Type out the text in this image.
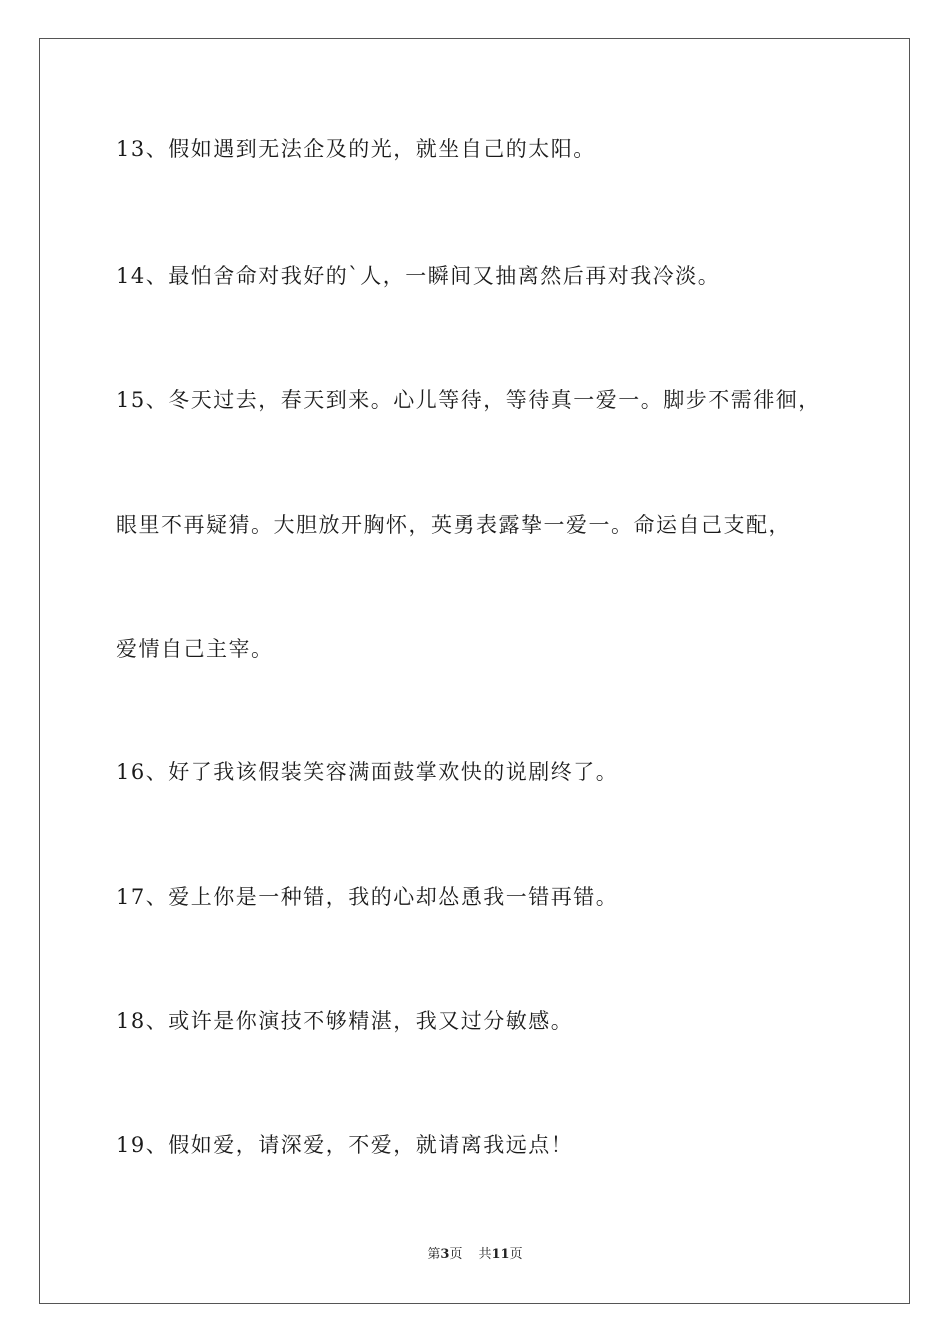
13、假如遇到无法企及的光，就坐自己的太阳。
14、最怕舍命对我好的`人，一瞬间又抽离然后再对我冷淡。
15、冬天过去，春天到来。心儿等待，等待真一爱一。脚步不需徘徊，
眼里不再疑猜。大胆放开胸怀，英勇表露挚一爱一。命运自己支配，
爱情自己主宰。
16、好了我该假装笑容满面鼓掌欢快的说剧终了。
17、爱上你是一种错，我的心却怂恿我一错再错。
18、或许是你演技不够精湛，我又过分敏感。
19、假如爱，请深爱，不爱，就请离我远点！
第3页 共11页
